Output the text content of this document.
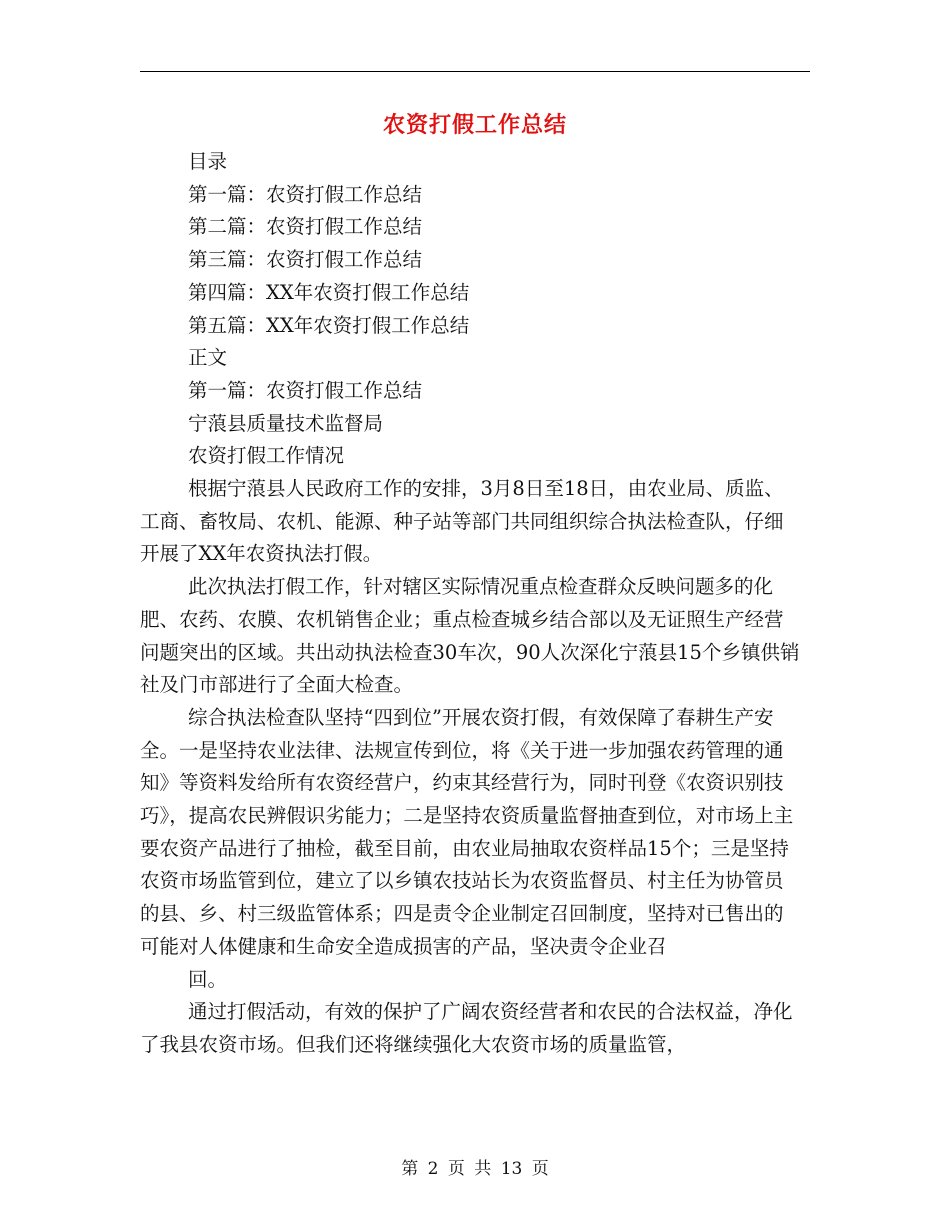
农资打假工作总结

目录

第一篇：农资打假工作总结

第二篇：农资打假工作总结

第三篇：农资打假工作总结

第四篇：XX年农资打假工作总结

第五篇：XX年农资打假工作总结

正文

第一篇：农资打假工作总结

宁蒗县质量技术监督局

农资打假工作情况

根据宁蒗县人民政府工作的安排，3月8日至18日，由农业局、质监、工商、畜牧局、农机、能源、种子站等部门共同组织综合执法检查队，仔细开展了XX年农资执法打假。

此次执法打假工作，针对辖区实际情况重点检查群众反映问题多的化肥、农药、农膜、农机销售企业；重点检查城乡结合部以及无证照生产经营问题突出的区域。共出动执法检查30车次，90人次深化宁蒗县15个乡镇供销社及门市部进行了全面大检查。

综合执法检查队坚持“四到位”开展农资打假，有效保障了春耕生产安全。一是坚持农业法律、法规宣传到位，将《关于进一步加强农药管理的通知》等资料发给所有农资经营户，约束其经营行为，同时刊登《农资识别技巧》，提高农民辨假识劣能力；二是坚持农资质量监督抽查到位，对市场上主要农资产品进行了抽检，截至目前，由农业局抽取农资样品15个；三是坚持农资市场监管到位，建立了以乡镇农技站长为农资监督员、村主任为协管员的县、乡、村三级监管体系；四是责令企业制定召回制度，坚持对已售出的可能对人体健康和生命安全造成损害的产品，坚决责令企业召

回。

通过打假活动，有效的保护了广阔农资经营者和农民的合法权益，净化了我县农资市场。但我们还将继续强化大农资市场的质量监管，

第 2 页 共 13 页
